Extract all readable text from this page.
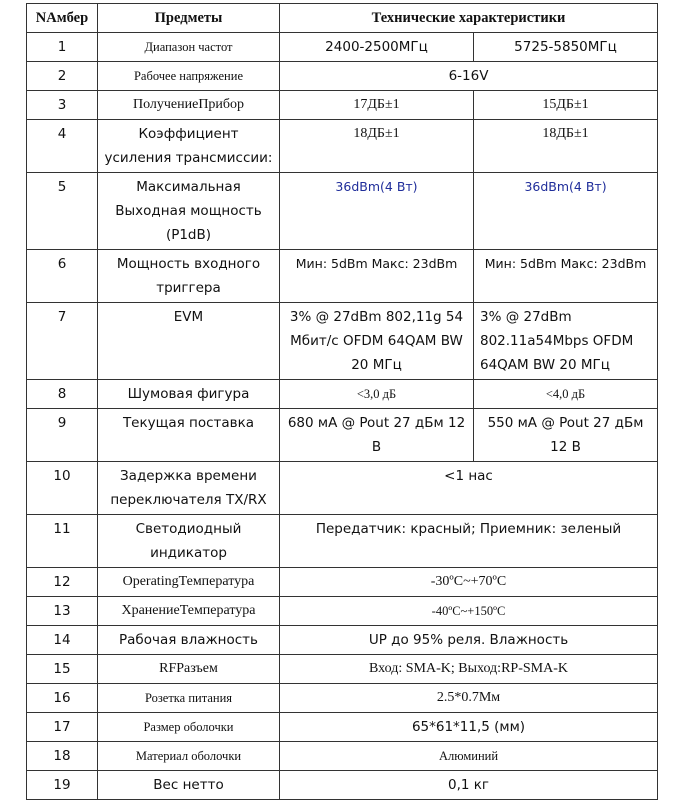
NАмбер	Предметы	Технические характеристики	
1	Диапазон частот	2400-2500МГц	5725-5850МГц
2	Рабочее напряжение	6-16V	
3	ПолучениеПрибор	17ДБ±1	15ДБ±1
4	Коэффициент усиления трансмиссии:	18ДБ±1	18ДБ±1
5	Максимальная Выходная мощность (P1dB)	36dBm(4 Вт)	36dBm(4 Вт)
6	Мощность входного триггера	Мин: 5dBm Макс: 23dBm	Мин: 5dBm Макс: 23dBm
7	EVM	3% @ 27dBm 802,11g 54 Мбит/с OFDM 64QAM BW 20 МГц	3% @ 27dBm 802.11a54Mbps OFDM 64QAM BW 20 МГц
8	Шумовая фигура	<3,0 дБ	<4,0 дБ
9	Текущая поставка	680 мА @ Pout 27 дБм 12 В	550 мА @ Pout 27 дБм 12 В
10	Задержка времени переключателя TX/RX	<1 нас	
11	Светодиодный индикатор	Передатчик: красный; Приемник: зеленый	
12	OperatingТемпература	-30ºC~+70ºC	
13	ХранениеТемпература	-40ºC~+150ºC	
14	Рабочая влажность	UP до 95% реля. Влажность	
15	RFРазъем	Вход: SMA-K; Выход:RP-SMA-K	
16	Розетка питания	2.5*0.7Мм	
17	Размер оболочки	65*61*11,5 (мм)	
18	Материал оболочки	Алюминий	
19	Вес нетто	0,1 кг	
